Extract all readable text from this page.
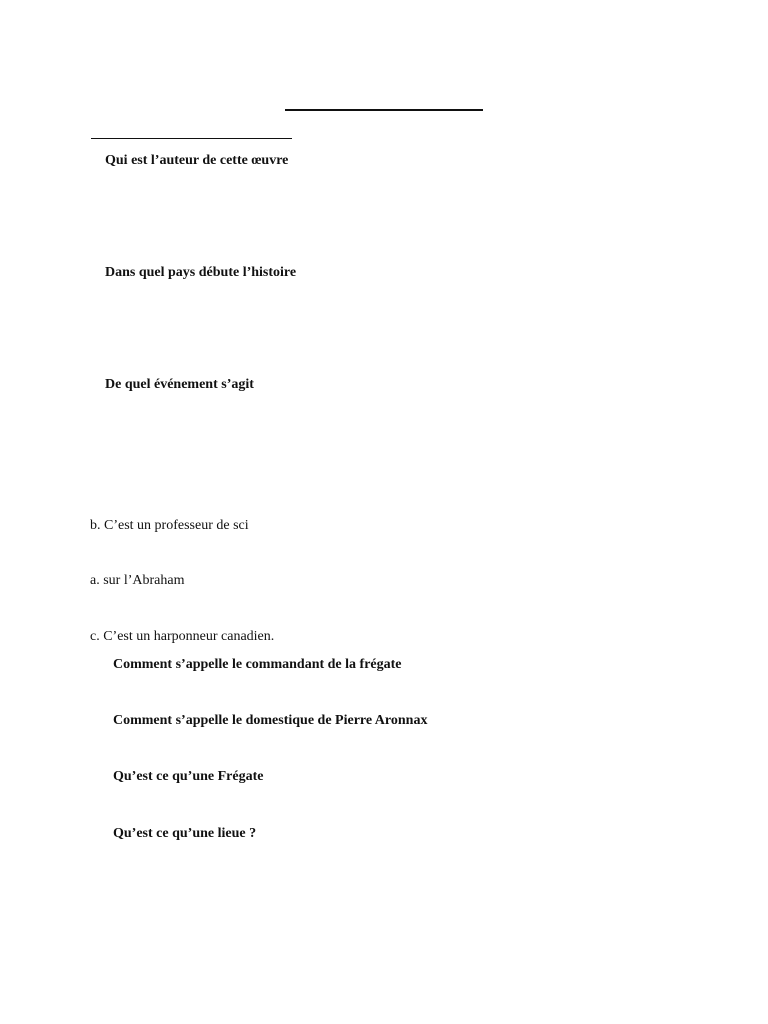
Qui est l’auteur de cette œuvre
Dans quel pays débute l’histoire
De quel événement s’agit
b. C’est un professeur de sci
a. sur l’Abraham
c. C’est un harponneur canadien.
Comment s’appelle le commandant de la frégate
Comment s’appelle le domestique de Pierre Aronnax
Qu’est ce qu’une Frégate
Qu’est ce qu’une lieue ?
